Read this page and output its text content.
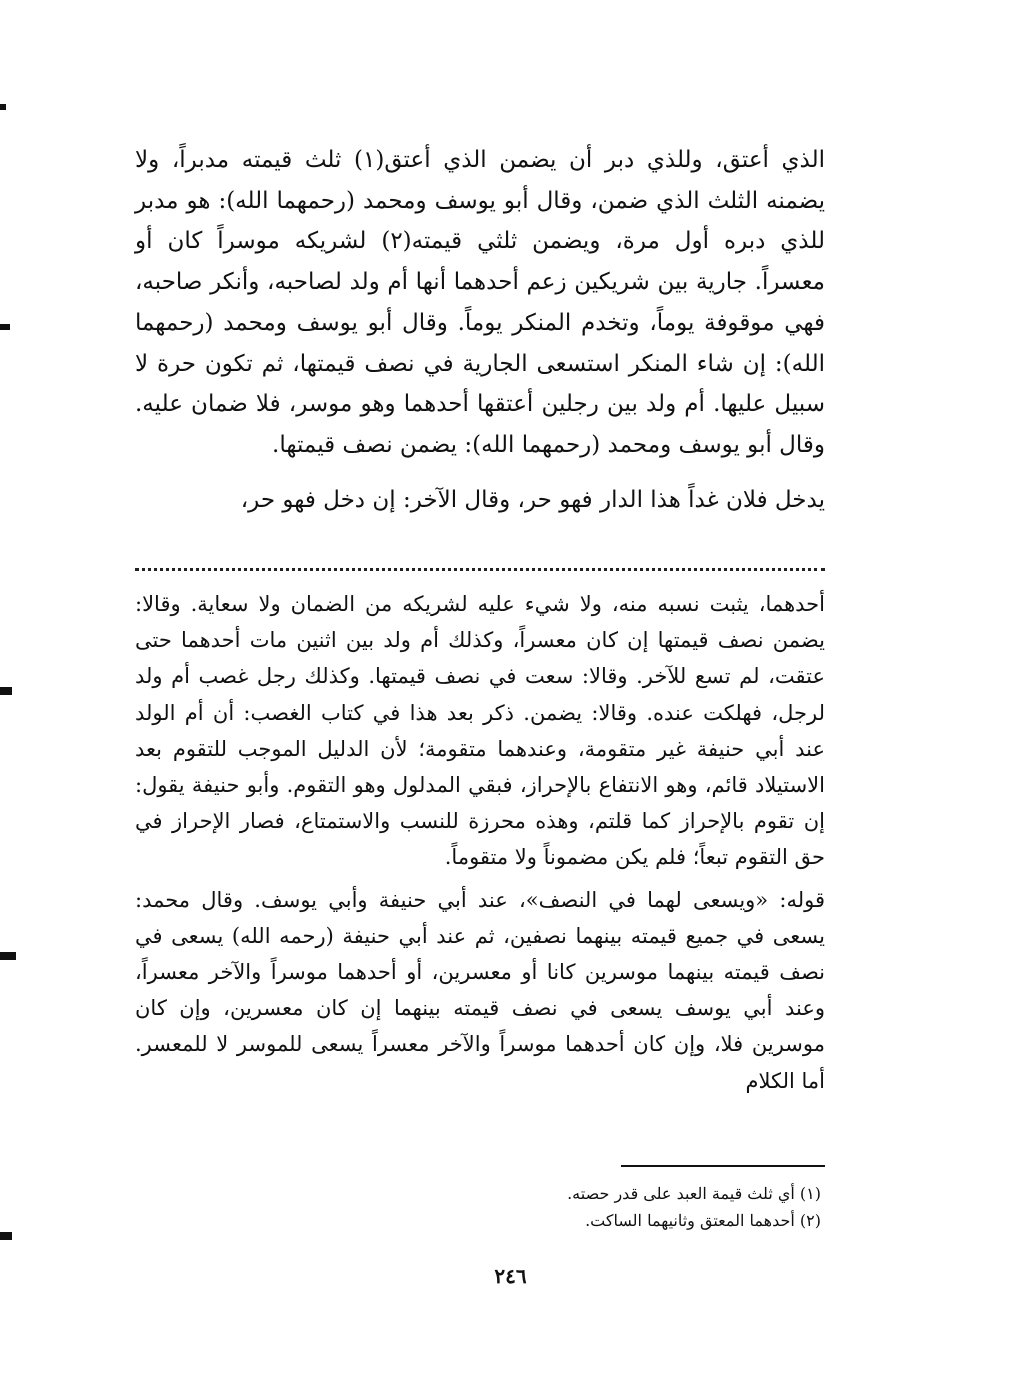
الذي أعتق، وللذي دبر أن يضمن الذي أعتق(١) ثلث قيمته مدبراً، ولا يضمنه الثلث الذي ضمن، وقال أبو يوسف ومحمد (رحمهما الله): هو مدبر للذي دبره أول مرة، ويضمن ثلثي قيمته(٢) لشريكه موسراً كان أو معسراً. جارية بين شريكين زعم أحدهما أنها أم ولد لصاحبه، وأنكر صاحبه، فهي موقوفة يوماً، وتخدم المنكر يوماً. وقال أبو يوسف ومحمد (رحمهما الله): إن شاء المنكر استسعى الجارية في نصف قيمتها، ثم تكون حرة لا سبيل عليها. أم ولد بين رجلين أعتقها أحدهما وهو موسر، فلا ضمان عليه. وقال أبو يوسف ومحمد (رحمهما الله): يضمن نصف قيمتها.

يدخل فلان غداً هذا الدار فهو حر، وقال الآخر: إن دخل فهو حر،

أحدهما، يثبت نسبه منه، ولا شيء عليه لشريكه من الضمان ولا سعاية. وقالا: يضمن نصف قيمتها إن كان معسراً، وكذلك أم ولد بين اثنين مات أحدهما حتى عتقت، لم تسع للآخر. وقالا: سعت في نصف قيمتها. وكذلك رجل غصب أم ولد لرجل، فهلكت عنده. وقالا: يضمن. ذكر بعد هذا في كتاب الغصب: أن أم الولد عند أبي حنيفة غير متقومة، وعندهما متقومة؛ لأن الدليل الموجب للتقوم بعد الاستيلاد قائم، وهو الانتفاع بالإحراز، فبقي المدلول وهو التقوم. وأبو حنيفة يقول: إن تقوم بالإحراز كما قلتم، وهذه محرزة للنسب والاستمتاع، فصار الإحراز في حق التقوم تبعاً؛ فلم يكن مضموناً ولا متقوماً.

قوله: «ويسعى لهما في النصف»، عند أبي حنيفة وأبي يوسف. وقال محمد: يسعى في جميع قيمته بينهما نصفين، ثم عند أبي حنيفة (رحمه الله) يسعى في نصف قيمته بينهما موسرين كانا أو معسرين، أو أحدهما موسراً والآخر معسراً، وعند أبي يوسف يسعى في نصف قيمته بينهما إن كان معسرين، وإن كان موسرين فلا، وإن كان أحدهما موسراً والآخر معسراً يسعى للموسر لا للمعسر. أما الكلام

(١) أي ثلث قيمة العبد على قدر حصته.
(٢) أحدهما المعتق وثانيهما الساكت.
٢٤٦
